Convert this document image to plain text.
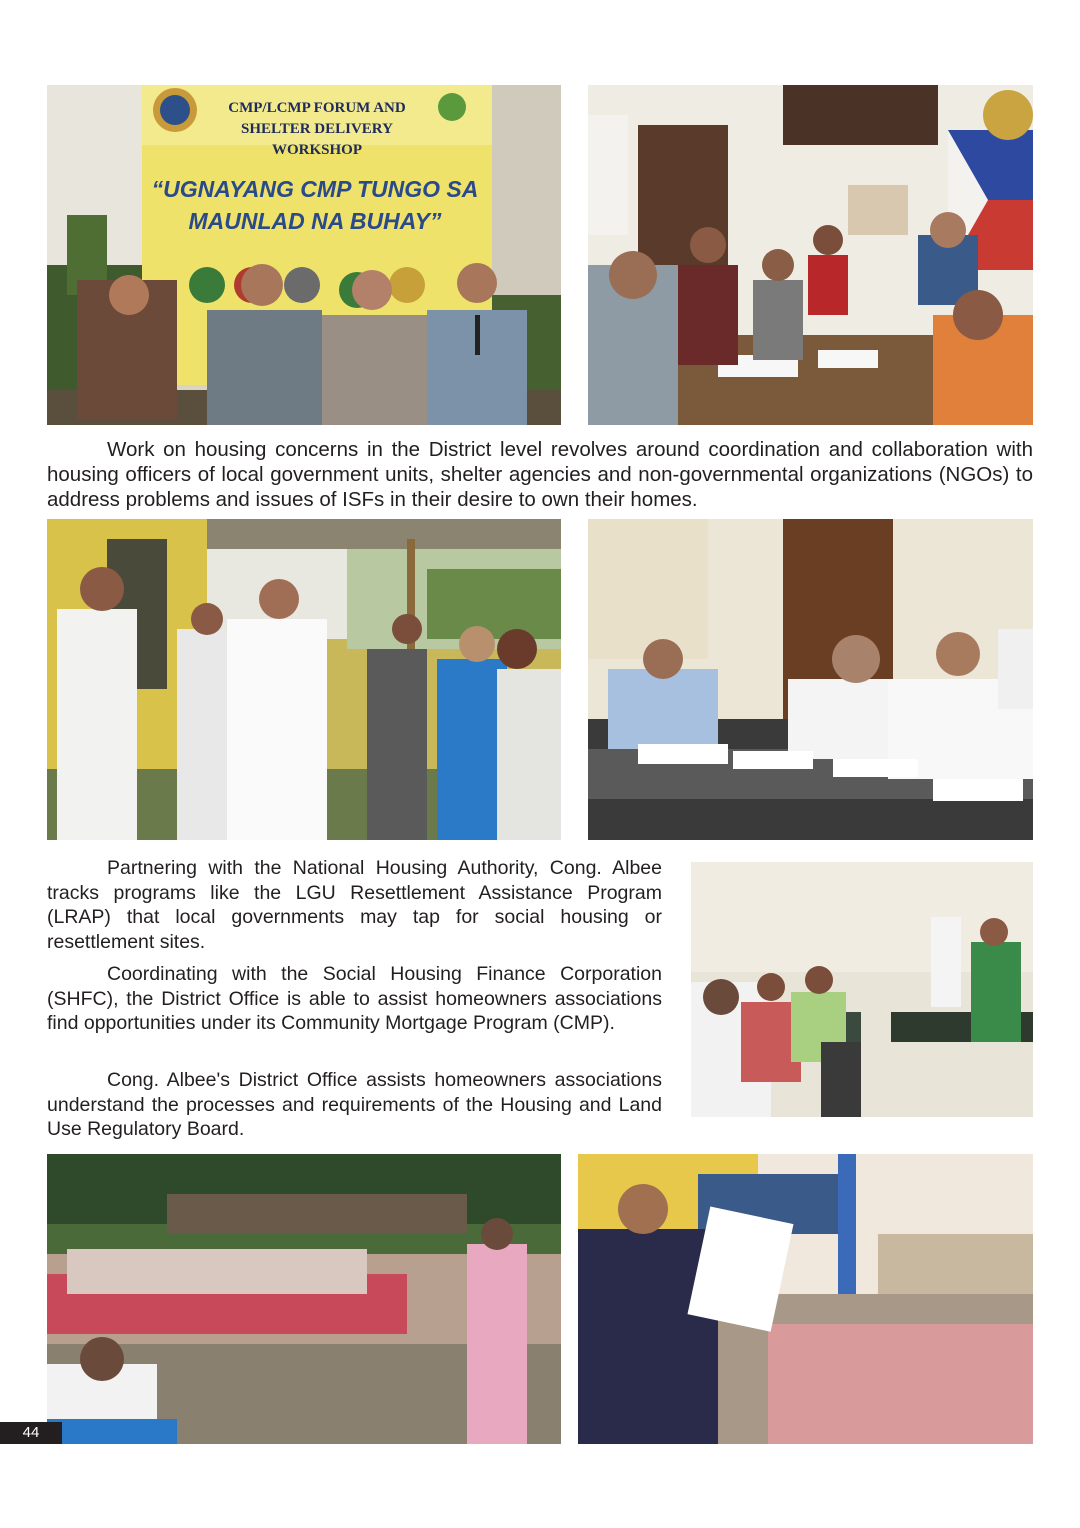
CMP/LCMP FORUM AND
SHELTER DELIVERY
WORKSHOP
“UGNAYANG CMP TUNGO SA
MAUNLAD NA BUHAY”

Work on housing concerns in the District level revolves around coordination and collaboration with housing officers of local government units, shelter agencies and non-governmental organizations (NGOs) to address problems and issues of ISFs in their desire to own their homes.

Partnering with the National Housing Authority, Cong. Albee tracks programs like the LGU Resettlement Assistance Program (LRAP) that local governments may tap for social housing or resettlement sites.

Coordinating with the Social Housing Finance Corporation (SHFC), the District Office is able to assist homeowners associations find opportunities under its Community Mortgage Program (CMP).

Cong. Albee's District Office assists homeowners associations understand the processes and requirements of the Housing and Land Use Regulatory Board.

44
